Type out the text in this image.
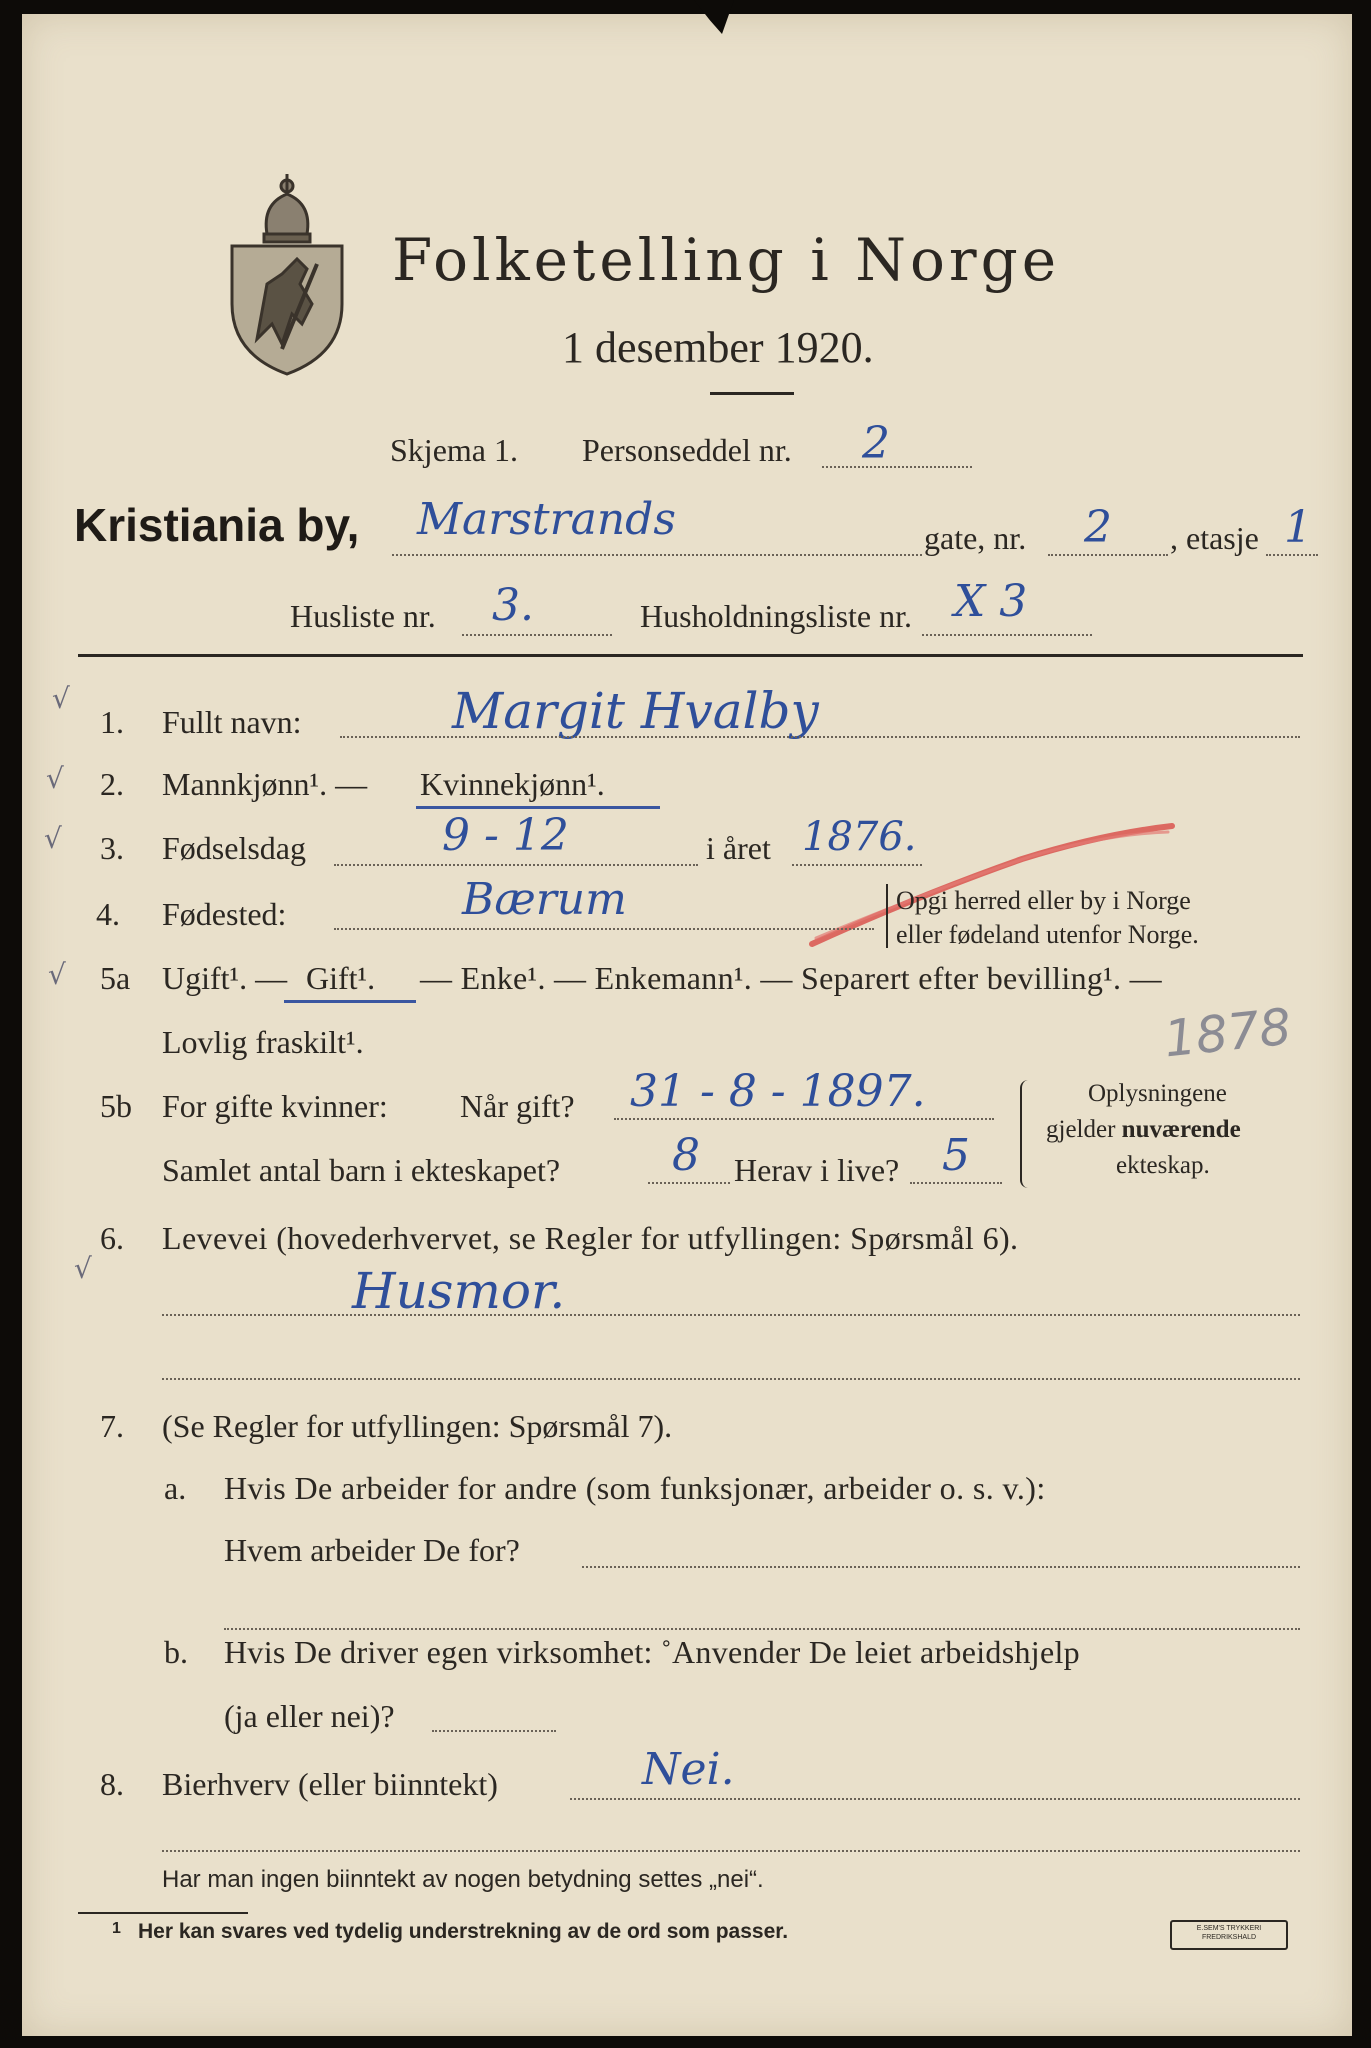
Folketelling i Norge
1 desember 1920.
Skjema 1. Personseddel nr. 2
Kristiania by, Marstrands	gate, nr. 2 , etasje 1
Husliste nr. 3.	Husholdningsliste nr. X 3
√
√
√
√
√
1. Fullt navn:	Margit Hvalby
2. Mannkjønn¹. — Kvinnekjønn¹.
3. Fødselsdag	9 - 12	i året 1876.
4. Fødested:	Bærum	Opgi herred eller by i Norge
eller fødeland utenfor Norge.
5a Ugift¹. — Gift¹. — Enke¹. — Enkemann¹. — Separert efter bevilling¹. —
Lovlig fraskilt¹.	1878
5b For gifte kvinner: Når gift? 31 - 8 - 1897.
Samlet antal barn i ekteskapet?	8 Herav i live? 5
Oplysningene
gjelder nuværende
ekteskap.
6. Levevei (hovederhvervet, se Regler for utfyllingen: Spørsmål 6).
Husmor.
7. (Se Regler for utfyllingen: Spørsmål 7).
a. Hvis De arbeider for andre (som funksjonær, arbeider o. s. v.):
Hvem arbeider De for?
b. Hvis De driver egen virksomhet: ˚Anvender De leiet arbeidshjelp
(ja eller nei)?
8. Bierhverv (eller biinntekt)	Nei.
Har man ingen biinntekt av nogen betydning settes „nei“.
1 Her kan svares ved tydelig understrekning av de ord som passer.	E.SEM'S TRYKKERI
FREDRIKSHALD
